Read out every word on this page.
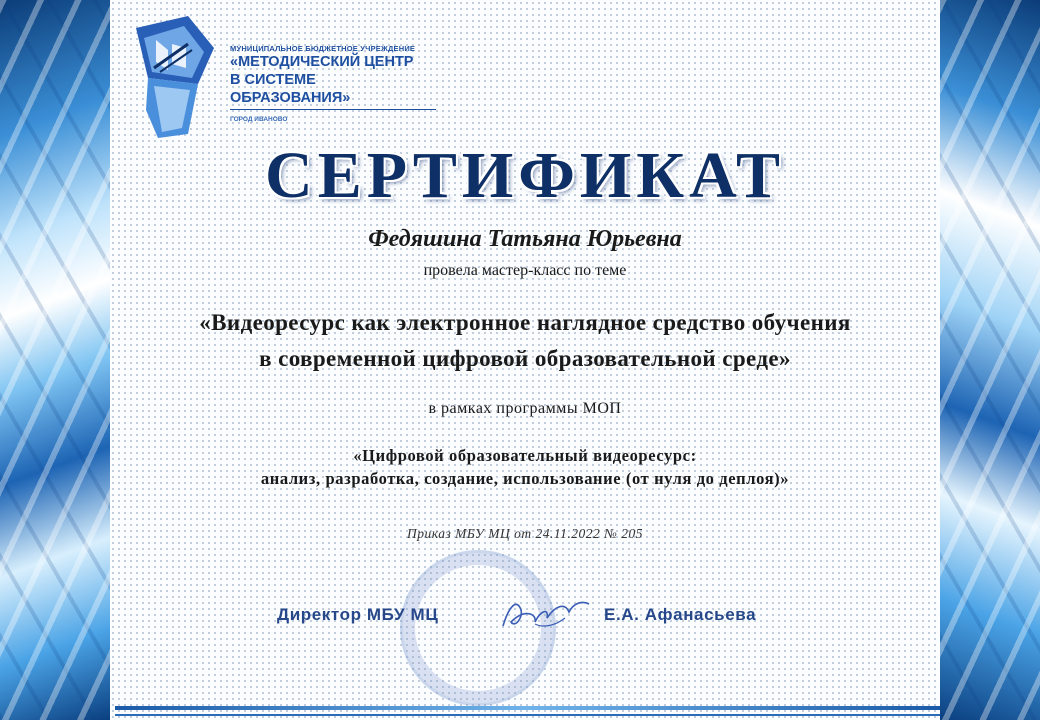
МУНИЦИПАЛЬНОЕ БЮДЖЕТНОЕ УЧРЕЖДЕНИЕ
«МЕТОДИЧЕСКИЙ ЦЕНТР
В СИСТЕМЕ ОБРАЗОВАНИЯ»
ГОРОД ИВАНОВО
СЕРТИФИКАТ
Федяшина Татьяна Юрьевна
провела мастер-класс по теме
«Видеоресурс как электронное наглядное средство обучения
в современной цифровой образовательной среде»
в рамках программы МОП
«Цифровой образовательный видеоресурс:
анализ, разработка, создание, использование (от нуля до деплоя)»
Приказ МБУ МЦ от 24.11.2022 № 205
Директор МБУ МЦ	Е.А. Афанасьева
